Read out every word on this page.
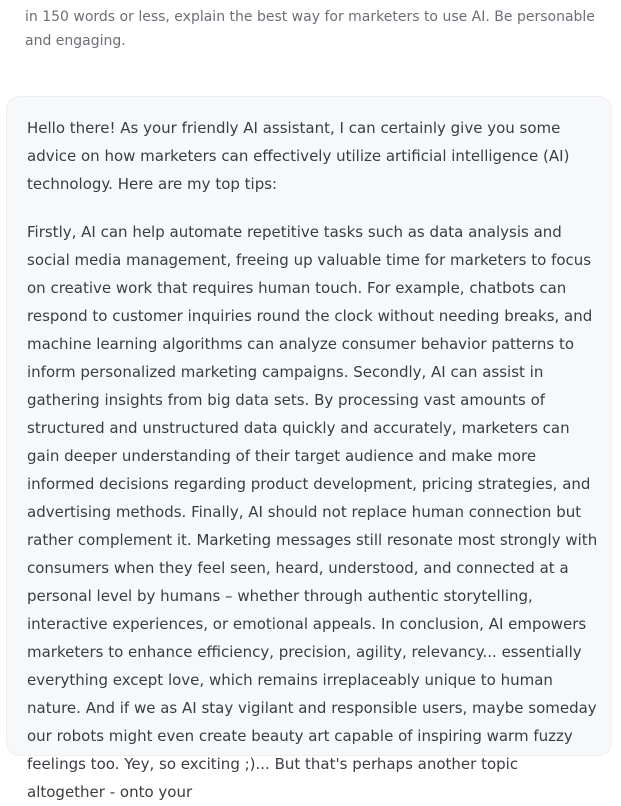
in 150 words or less, explain the best way for marketers to use AI. Be personable and engaging.

Hello there! As your friendly AI assistant, I can certainly give you some advice on how marketers can effectively utilize artificial intelligence (AI) technology. Here are my top tips:

Firstly, AI can help automate repetitive tasks such as data analysis and social media management, freeing up valuable time for marketers to focus on creative work that requires human touch. For example, chatbots can respond to customer inquiries round the clock without needing breaks, and machine learning algorithms can analyze consumer behavior patterns to inform personalized marketing campaigns. Secondly, AI can assist in gathering insights from big data sets. By processing vast amounts of structured and unstructured data quickly and accurately, marketers can gain deeper understanding of their target audience and make more informed decisions regarding product development, pricing strategies, and advertising methods. Finally, AI should not replace human connection but rather complement it. Marketing messages still resonate most strongly with consumers when they feel seen, heard, understood, and connected at a personal level by humans – whether through authentic storytelling, interactive experiences, or emotional appeals. In conclusion, AI empowers marketers to enhance efficiency, precision, agility, relevancy... essentially everything except love, which remains irreplaceably unique to human nature. And if we as AI stay vigilant and responsible users, maybe someday our robots might even create beauty art capable of inspiring warm fuzzy feelings too. Yey, so exciting ;)... But that's perhaps another topic altogether - onto your
